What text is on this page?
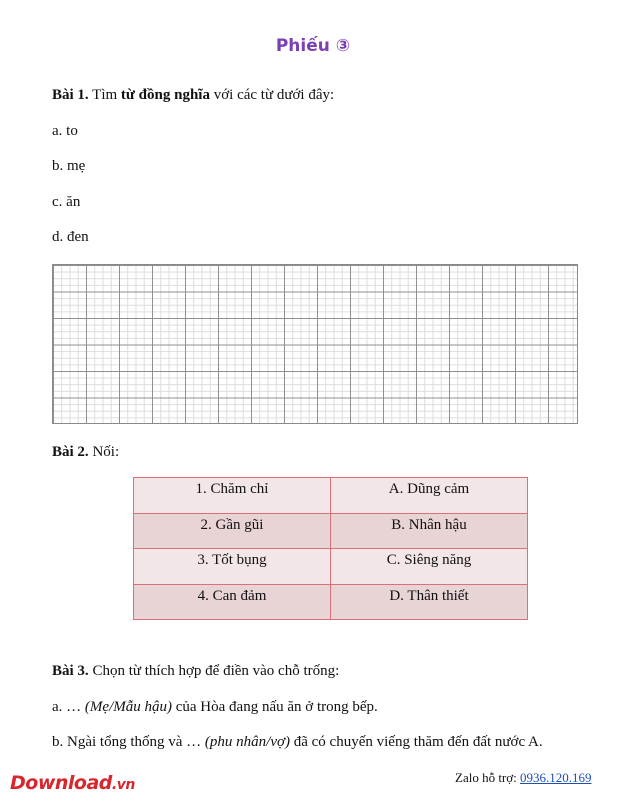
Phiếu ③
Bài 1. Tìm từ đồng nghĩa với các từ dưới đây:
a. to
b. mẹ
c. ăn
d. đen
Bài 2. Nối:
1. Chăm chỉ	A. Dũng cảm
2. Gần gũi	B. Nhân hậu
3. Tốt bụng	C. Siêng năng
4. Can đảm	D. Thân thiết
Bài 3. Chọn từ thích hợp để điền vào chỗ trống:
a. … (Mẹ/Mẫu hậu) của Hòa đang nấu ăn ở trong bếp.
b. Ngài tổng thống và … (phu nhân/vợ) đã có chuyến viếng thăm đến đất nước A.
Download.vn	Zalo hỗ trợ: 0936.120.169
